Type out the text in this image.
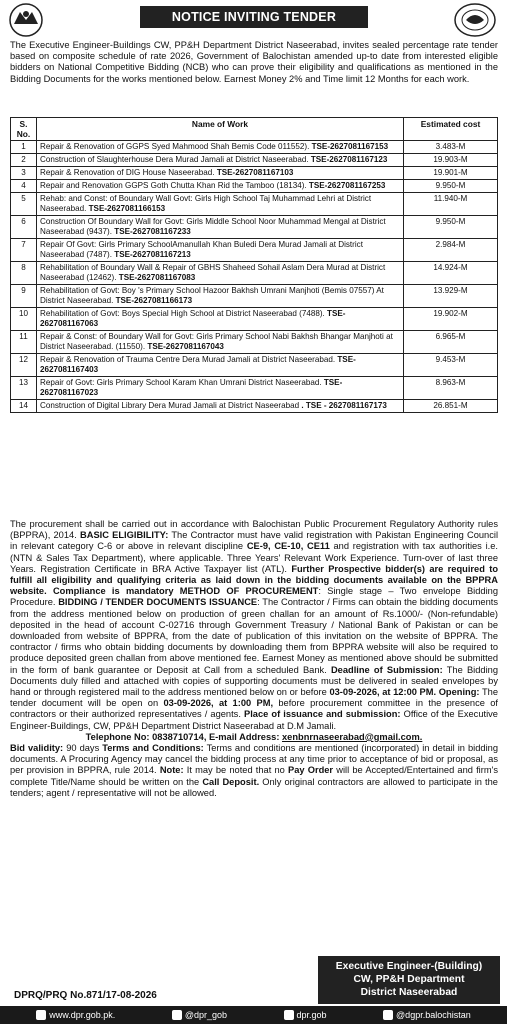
NOTICE INVITING TENDER
The Executive Engineer-Buildings CW, PP&H Department District Naseerabad, invites sealed percentage rate tender based on composite schedule of rate 2026, Government of Balochistan amended up-to date from interested eligible bidders on National Competitive Bidding (NCB) who can prove their eligibility and qualifications as mentioned in the Bidding Documents for the works mentioned below. Earnest Money 2% and Time limit 12 Months for each work.
S. No.	Name of Work	Estimated cost
1	Repair & Renovation of GGPS Syed Mahmood Shah Bemis Code 011552). TSE-2627081167153	3.483-M
2	Construction of Slaughterhouse Dera Murad Jamali at District Naseerabad. TSE-2627081167123	19.903-M
3	Repair & Renovation of DIG House Naseerabad. TSE-2627081167103	19.901-M
4	Repair and Renovation GGPS Goth Chutta Khan Rid the Tamboo (18134). TSE-2627081167253	9.950-M
5	Rehab: and Const: of Boundary Wall Govt: Girls High School Taj Muhammad Lehri at District Naseerabad. TSE-2627081166153	11.940-M
6	Construction Of Boundary Wall for Govt: Girls Middle School Noor Muhammad Mengal at District Naseerabad (9437). TSE-2627081167233	9.950-M
7	Repair Of Govt: Girls Primary SchoolAmanullah Khan Buledi Dera Murad Jamali at District Naseerabad (7487). TSE-2627081167213	2.984-M
8	Rehabilitation of Boundary Wall & Repair of GBHS Shaheed Sohail Aslam Dera Murad at District Naseerabad (12462). TSE-2627081167083	14.924-M
9	Rehabilitation of Govt: Boy 's Primary School Hazoor Bakhsh Umrani Manjhoti (Bemis 07557) At District Naseerabad. TSE-2627081166173	13.929-M
10	Rehabilitation of Govt: Boys Special High School at District Naseerabad (7488). TSE-2627081167063	19.902-M
11	Repair & Const: of Boundary Wall for Govt: Girls Primary School Nabi Bakhsh Bhangar Manjhoti at District Naseerabad. (11550). TSE-2627081167043	6.965-M
12	Repair & Renovation of Trauma Centre Dera Murad Jamali at District Naseerabad. TSE-2627081167403	9.453-M
13	Repair of Govt: Girls Primary School Karam Khan Umrani District Naseerabad. TSE-2627081167023	8.963-M
14	Construction of Digital Library Dera Murad Jamali at District Naseerabad . TSE - 2627081167173	26.851-M

The procurement shall be carried out in accordance with Balochistan Public Procurement Regulatory Authority rules (BPPRA), 2014. BASIC ELIGIBILITY: The Contractor must have valid registration with Pakistan Engineering Council in relevant category C-6 or above in relevant discipline CE-9, CE-10, CE11 and registration with tax authorities i.e. (NTN & Sales Tax Department), where applicable. Three Years' Relevant Work Experience. Turn-over of last three Years. Registration Certificate in BRA Active Taxpayer list (ATL). Further Prospective bidder(s) are required to fulfill all eligibility and qualifying criteria as laid down in the bidding documents available on the BPPRA website. Compliance is mandatory METHOD OF PROCUREMENT: Single stage – Two envelope Bidding Procedure. BIDDING / TENDER DOCUMENTS ISSUANCE: The Contractor / Firms can obtain the bidding documents from the address mentioned below on production of green challan for an amount of Rs.1000/- (Non-refundable) deposited in the head of account C-02716 through Government Treasury / National Bank of Pakistan or can be downloaded from website of BPPRA, from the date of publication of this invitation on the website of BPPRA. The contractor / firms who obtain bidding documents by downloading them from BPPRA website will also be required to produce deposited green challan from above mentioned fee. Earnest Money as mentioned above should be submitted in the form of bank guarantee or Deposit at Call from a scheduled Bank. Deadline of Submission: The Bidding Documents duly filled and attached with copies of supporting documents must be delivered in sealed envelopes by hand or through registered mail to the address mentioned below on or before 03-09-2026, at 12:00 PM. Opening: The tender document will be open on 03-09-2026, at 1:00 PM, before procurement committee in the presence of contractors or their authorized representatives / agents. Place of issuance and submission: Office of the Executive Engineer-Buildings, CW, PP&H Department District Naseerabad at D.M Jamali.

Telephone No: 0838710714, E-mail Address: xenbnrnaseerabad@gmail.com.

Bid validity: 90 days Terms and Conditions: Terms and conditions are mentioned (incorporated) in detail in bidding documents. A Procuring Agency may cancel the bidding process at any time prior to acceptance of bid or proposal, as per provision in BPPRA, rule 2014. Note: It may be noted that no Pay Order will be Accepted/Entertained and firm's complete Title/Name should be written on the Call Deposit. Only original contractors are allowed to participate in the tenders; agent / representative will not be allowed.

DPRQ/PRQ No.871/17-08-2026
Executive Engineer-(Building)
CW, PP&H Department
District Naseerabad
www.dpr.gob.pk.	@dpr_gob	dpr.gob	@dgpr.balochistan
